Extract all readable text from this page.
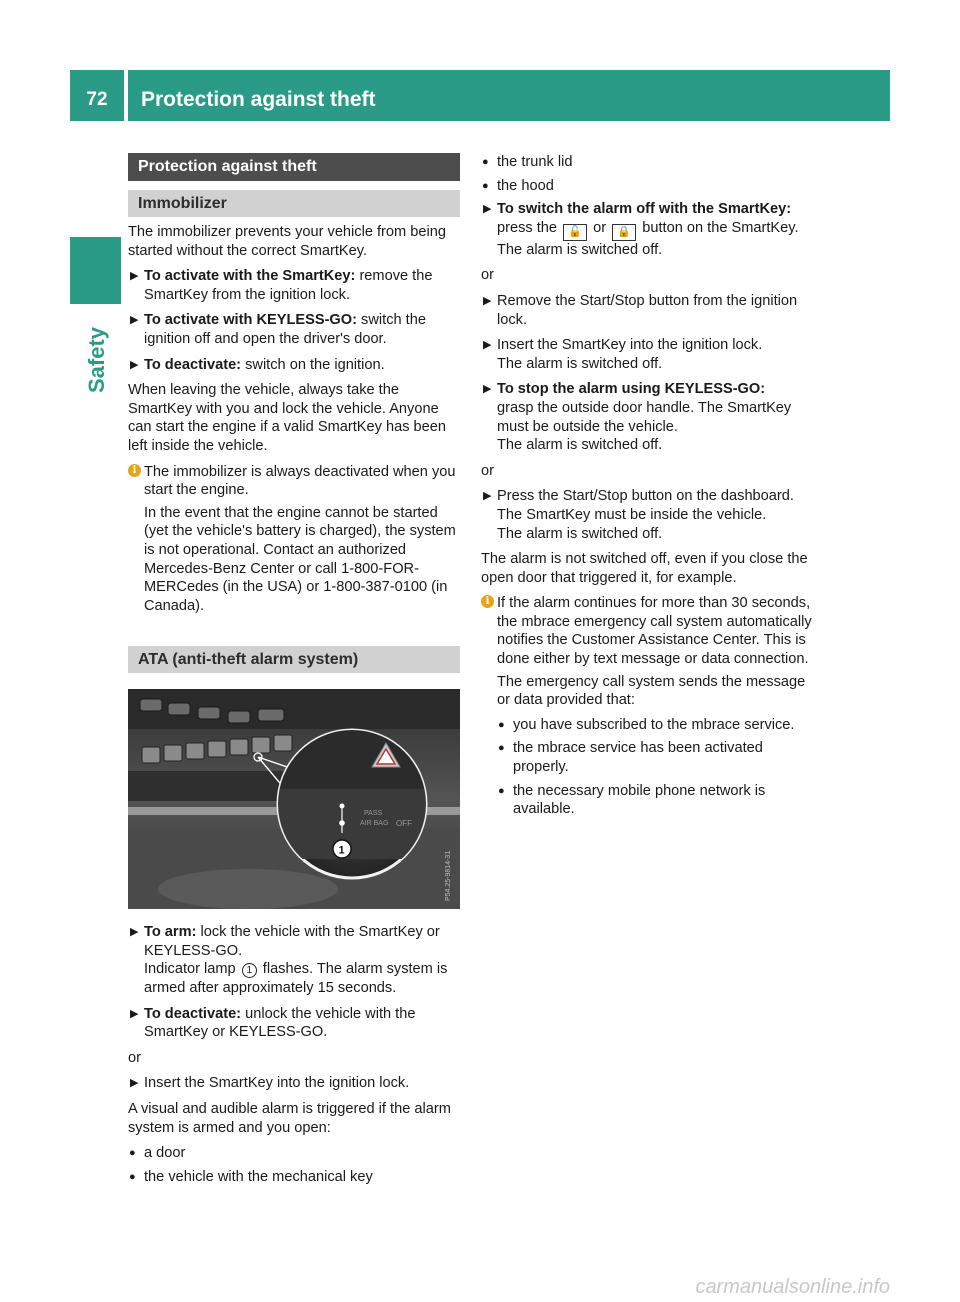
72	Protection against theft
Safety
Protection against theft
Immobilizer

The immobilizer prevents your vehicle from being started without the correct SmartKey.

▶ To activate with the SmartKey: remove the SmartKey from the ignition lock.
▶ To activate with KEYLESS-GO: switch the ignition off and open the driver's door.
▶ To deactivate: switch on the ignition.

When leaving the vehicle, always take the SmartKey with you and lock the vehicle. Anyone can start the engine if a valid SmartKey has been left inside the vehicle.

i The immobilizer is always deactivated when you start the engine.

In the event that the engine cannot be started (yet the vehicle's battery is charged), the system is not operational. Contact an authorized Mercedes-Benz Center or call 1-800-FOR-MERCedes (in the USA) or 1-800-387-0100 (in Canada).

ATA (anti-theft alarm system)
PASS
AIR BAG OFF
1
P54.25-9814-31
▶ To arm: lock the vehicle with the SmartKey or KEYLESS-GO.
Indicator lamp 1 flashes. The alarm system is armed after approximately 15 seconds.
▶ To deactivate: unlock the vehicle with the SmartKey or KEYLESS-GO.

or

▶ Insert the SmartKey into the ignition lock.

A visual and audible alarm is triggered if the alarm system is armed and you open:

● a door
● the vehicle with the mechanical key
● the trunk lid
● the hood
▶ To switch the alarm off with the SmartKey: press the 🔓 or 🔒 button on the SmartKey.
The alarm is switched off.

or

▶ Remove the Start/Stop button from the ignition lock.
▶ Insert the SmartKey into the ignition lock.
The alarm is switched off.
▶ To stop the alarm using KEYLESS-GO:
grasp the outside door handle. The SmartKey must be outside the vehicle.
The alarm is switched off.

or

▶ Press the Start/Stop button on the dashboard. The SmartKey must be inside the vehicle.
The alarm is switched off.

The alarm is not switched off, even if you close the open door that triggered it, for example.

i If the alarm continues for more than 30 seconds, the mbrace emergency call system automatically notifies the Customer Assistance Center. This is done either by text message or data connection.

The emergency call system sends the message or data provided that:

● you have subscribed to the mbrace service.
● the mbrace service has been activated properly.
● the necessary mobile phone network is available.
carmanualsonline.info
